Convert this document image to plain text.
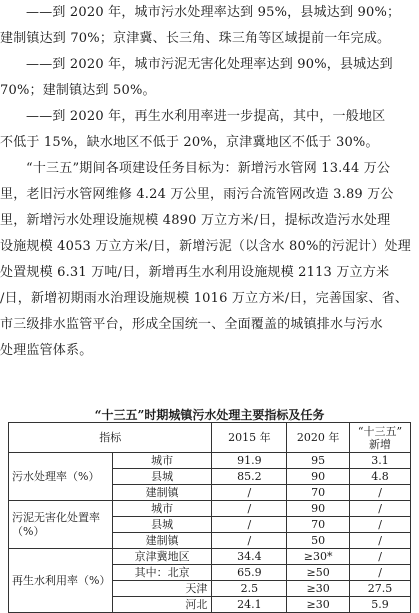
——到 2020 年，城市污水处理率达到 95%，县城达到 90%；
建制镇达到 70%；京津冀、长三角、珠三角等区域提前一年完成。
——到 2020 年，城市污泥无害化处理率达到 90%，县城达到
70%；建制镇达到 50%。
——到 2020 年，再生水利用率进一步提高，其中，一般地区
不低于 15%，缺水地区不低于 20%，京津冀地区不低于 30%。
“十三五”期间各项建设任务目标为：新增污水管网 13.44 万公
里，老旧污水管网维修 4.24 万公里，雨污合流管网改造 3.89 万公
里，新增污水处理设施规模 4890 万立方米/日，提标改造污水处理
设施规模 4053 万立方米/日，新增污泥（以含水 80%的污泥计）处理
处置规模 6.31 万吨/日，新增再生水利用设施规模 2113 万立方米
/日，新增初期雨水治理设施规模 1016 万立方米/日，完善国家、省、
市三级排水监管平台，形成全国统一、全面覆盖的城镇排水与污水
处理监管体系。
“十三五”时期城镇污水处理主要指标及任务
指标		2015 年	2020 年	“十三五”
新增

污水处理率（%）	城市	91.9	95	3.1
	县城	85.2	90	4.8
	建制镇	/	70	/
污泥无害化处置率（%）	城市	/	90	/
	县城	/	70	/
	建制镇	/	50	/
再生水利用率（%）	京津冀地区	34.4	≥30*	/
	其中：北京	65.9	≥50	/
	天津	2.5	≥30	27.5
	河北	24.1	≥30	5.9
